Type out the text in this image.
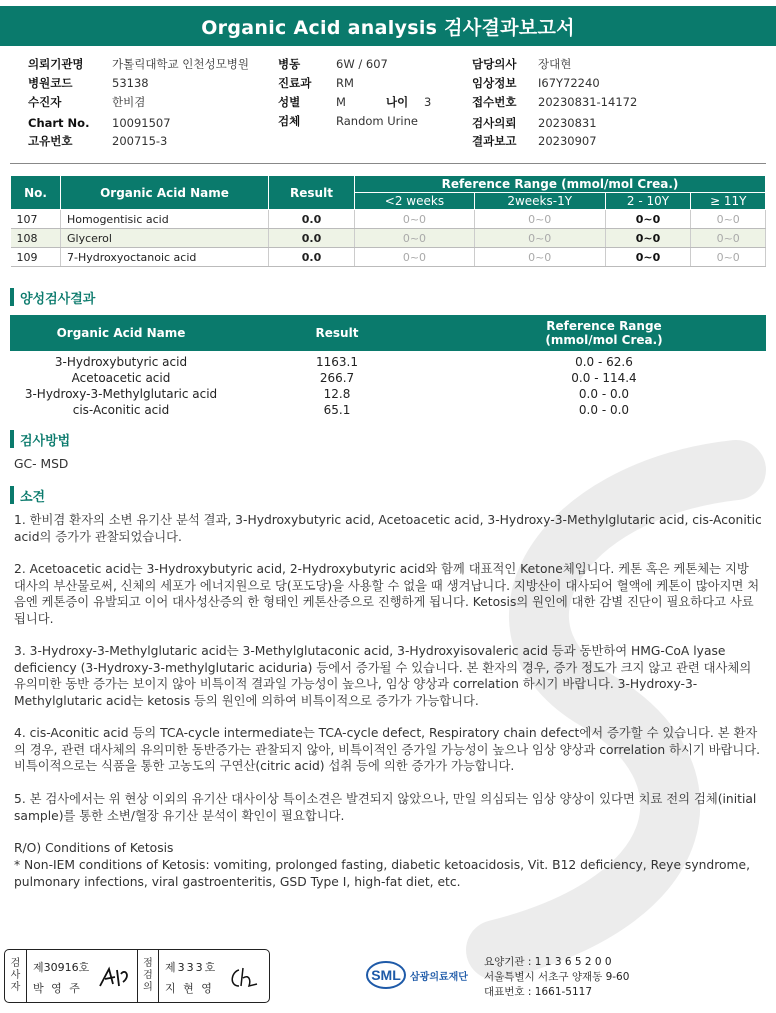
Organic Acid analysis 검사결과보고서
의뢰기관명 가톨릭대학교 인천성모병원
병원코드	53138
수진자	한비겸
Chart No. 10091507
고유번호	200715-3
병동	6W / 607
진료과 RM
성별	M	나이 3
검체	Random Urine
담당의사 장대현
임상정보 I67Y72240
접수번호 20230831-14172
검사의뢰 20230831
결과보고 20230907
No.	Organic Acid Name	Result	Reference Range (mmol/mol Crea.)			
			<2 weeks	2weeks-1Y	2 - 10Y	≥ 11Y
107	Homogentisic acid	0.0	0~0	0~0	0~0	0~0
108	Glycerol	0.0	0~0	0~0	0~0	0~0
109	7-Hydroxyoctanoic acid	0.0	0~0	0~0	0~0	0~0
양성검사결과
Organic Acid Name	Result	Reference Range
(mmol/mol Crea.)

3-Hydroxybutyric acid	1163.1	0.0 - 62.6
Acetoacetic acid	266.7	0.0 - 114.4
3-Hydroxy-3-Methylglutaric acid	12.8	0.0 - 0.0
cis-Aconitic acid	65.1	0.0 - 0.0
검사방법
GC- MSD
소견
1. 한비겸 환자의 소변 유기산 분석 결과, 3-Hydroxybutyric acid, Acetoacetic acid, 3-Hydroxy-3-Methylglutaric acid, cis-Aconitic acid의 증가가 관찰되었습니다.
2. Acetoacetic acid는 3-Hydroxybutyric acid, 2-Hydroxybutyric acid와 함께 대표적인 Ketone체입니다. 케톤 혹은 케톤체는 지방 대사의 부산물로써, 신체의 세포가 에너지원으로 당(포도당)을 사용할 수 없을 때 생겨납니다. 지방산이 대사되어 혈액에 케톤이 많아지면 처음엔 케톤증이 유발되고 이어 대사성산증의 한 형태인 케톤산증으로 진행하게 됩니다. Ketosis의 원인에 대한 감별 진단이 필요하다고 사료됩니다.
3. 3-Hydroxy-3-Methylglutaric acid는 3-Methylglutaconic acid, 3-Hydroxyisovaleric acid 등과 동반하여 HMG-CoA lyase deficiency (3-Hydroxy-3-methylglutaric aciduria) 등에서 증가될 수 있습니다. 본 환자의 경우, 증가 정도가 크지 않고 관련 대사체의 유의미한 동반 증가는 보이지 않아 비특이적 결과일 가능성이 높으나, 임상 양상과 correlation 하시기 바랍니다. 3-Hydroxy-3-Methylglutaric acid는 ketosis 등의 원인에 의하여 비특이적으로 증가가 가능합니다.
4. cis-Aconitic acid 등의 TCA-cycle intermediate는 TCA-cycle defect, Respiratory chain defect에서 증가할 수 있습니다. 본 환자의 경우, 관련 대사체의 유의미한 동반증가는 관찰되지 않아, 비특이적인 증가일 가능성이 높으나 임상 양상과 correlation 하시기 바랍니다. 비특이적으로는 식품을 통한 고농도의 구연산(citric acid) 섭취 등에 의한 증가가 가능합니다.
5. 본 검사에서는 위 현상 이외의 유기산 대사이상 특이소견은 발견되지 않았으나, 만일 의심되는 임상 양상이 있다면 치료 전의 검체(initial sample)를 통한 소변/혈장 유기산 분석이 확인이 필요합니다.
R/O) Conditions of Ketosis
* Non-IEM conditions of Ketosis: vomiting, prolonged fasting, diabetic ketoacidosis, Vit. B12 deficiency, Reye syndrome, pulmonary infections, viral gastroenteritis, GSD Type I, high-fat diet, etc.
검
사
자
제30916호
박 영 주
점
검
의
제333호
지 현 영
SML 삼광의료재단
요양기관 : 1 1 3 6 5 2 0 0
서울특별시 서초구 양재동 9-60
대표번호 : 1661-5117
